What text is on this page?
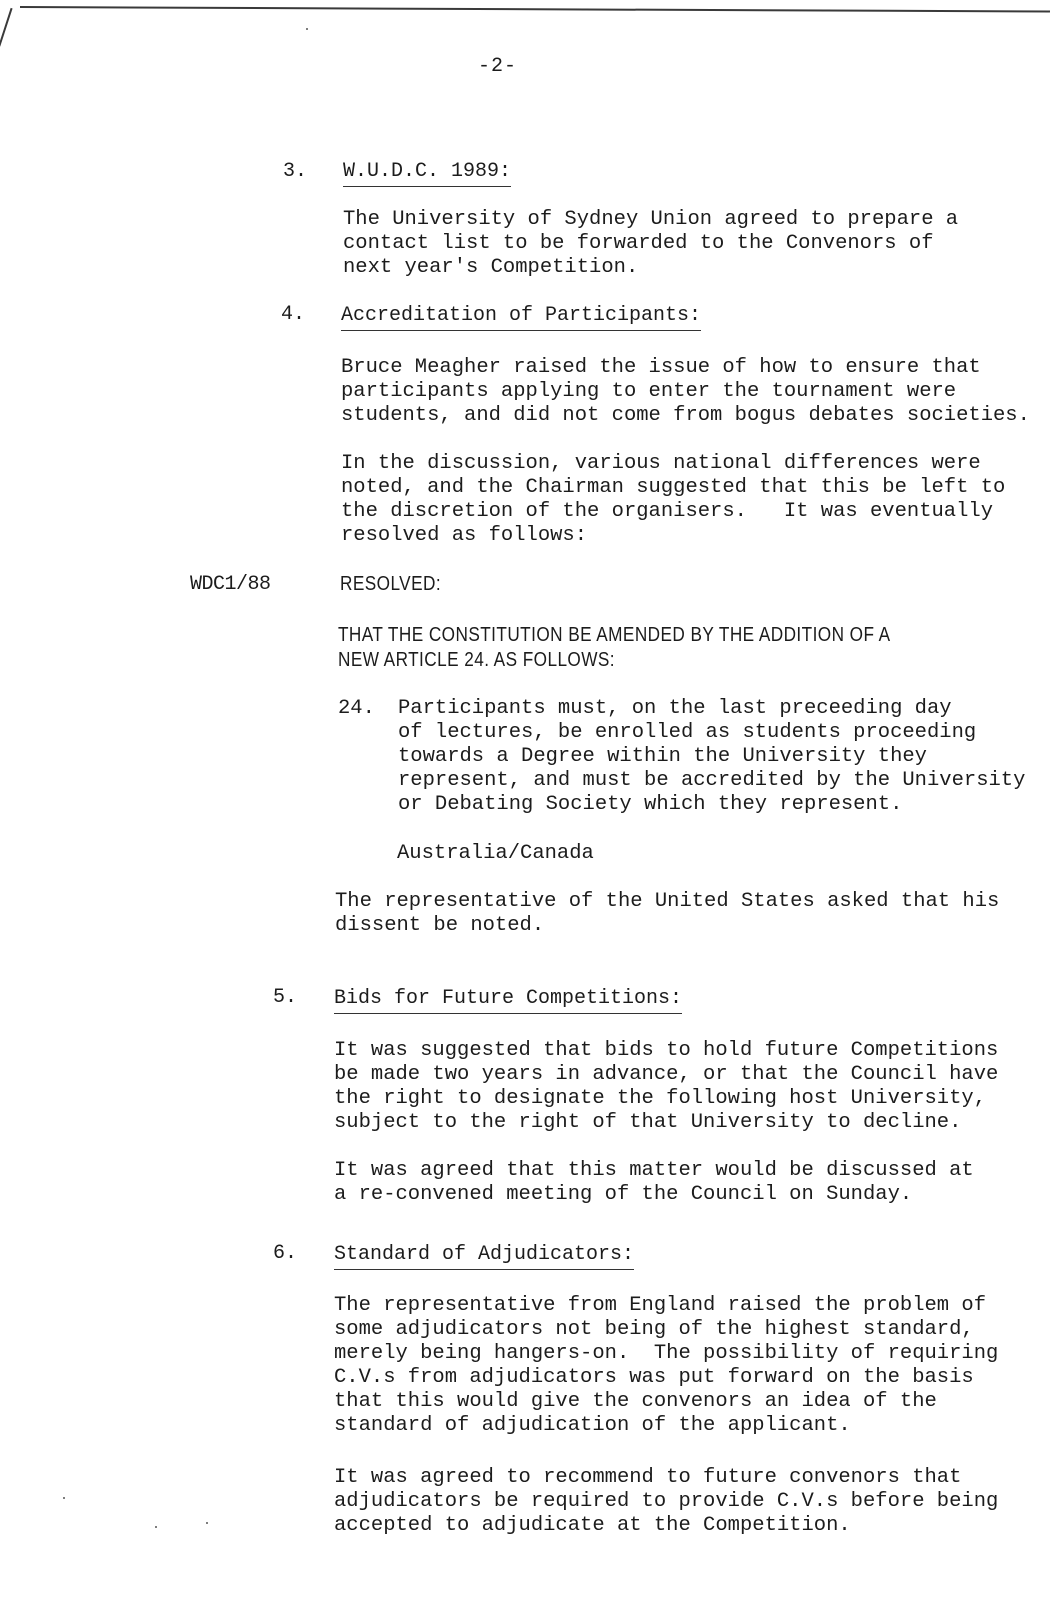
-2-
3. W.U.D.C. 1989:
The University of Sydney Union agreed to prepare a
contact list to be forwarded to the Convenors of
next year's Competition.
4. Accreditation of Participants:
Bruce Meagher raised the issue of how to ensure that
participants applying to enter the tournament were
students, and did not come from bogus debates societies.
In the discussion, various national differences were
noted, and the Chairman suggested that this be left to
the discretion of the organisers.   It was eventually
resolved as follows:
WDC1/88	RESOLVED:
THAT THE CONSTITUTION BE AMENDED BY THE ADDITION OF A
NEW ARTICLE 24. AS FOLLOWS:
24. Participants must, on the last preceeding day
of lectures, be enrolled as students proceeding
towards a Degree within the University they
represent, and must be accredited by the University
or Debating Society which they represent.
Australia/Canada
The representative of the United States asked that his
dissent be noted.
5. Bids for Future Competitions:
It was suggested that bids to hold future Competitions
be made two years in advance, or that the Council have
the right to designate the following host University,
subject to the right of that University to decline.
It was agreed that this matter would be discussed at
a re-convened meeting of the Council on Sunday.
6. Standard of Adjudicators:
The representative from England raised the problem of
some adjudicators not being of the highest standard,
merely being hangers-on.  The possibility of requiring
C.V.s from adjudicators was put forward on the basis
that this would give the convenors an idea of the
standard of adjudication of the applicant.
It was agreed to recommend to future convenors that
adjudicators be required to provide C.V.s before being
accepted to adjudicate at the Competition.
